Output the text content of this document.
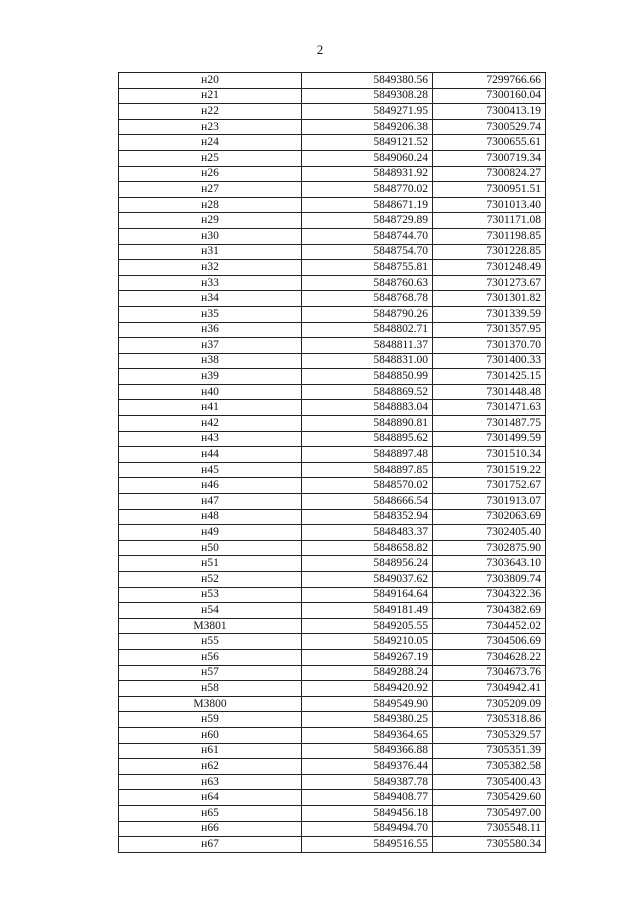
2
н20	5849380.56	7299766.66
н21	5849308.28	7300160.04
н22	5849271.95	7300413.19
н23	5849206.38	7300529.74
н24	5849121.52	7300655.61
н25	5849060.24	7300719.34
н26	5848931.92	7300824.27
н27	5848770.02	7300951.51
н28	5848671.19	7301013.40
н29	5848729.89	7301171.08
н30	5848744.70	7301198.85
н31	5848754.70	7301228.85
н32	5848755.81	7301248.49
н33	5848760.63	7301273.67
н34	5848768.78	7301301.82
н35	5848790.26	7301339.59
н36	5848802.71	7301357.95
н37	5848811.37	7301370.70
н38	5848831.00	7301400.33
н39	5848850.99	7301425.15
н40	5848869.52	7301448.48
н41	5848883.04	7301471.63
н42	5848890.81	7301487.75
н43	5848895.62	7301499.59
н44	5848897.48	7301510.34
н45	5848897.85	7301519.22
н46	5848570.02	7301752.67
н47	5848666.54	7301913.07
н48	5848352.94	7302063.69
н49	5848483.37	7302405.40
н50	5848658.82	7302875.90
н51	5848956.24	7303643.10
н52	5849037.62	7303809.74
н53	5849164.64	7304322.36
н54	5849181.49	7304382.69
МЗ801	5849205.55	7304452.02
н55	5849210.05	7304506.69
н56	5849267.19	7304628.22
н57	5849288.24	7304673.76
н58	5849420.92	7304942.41
МЗ800	5849549.90	7305209.09
н59	5849380.25	7305318.86
н60	5849364.65	7305329.57
н61	5849366.88	7305351.39
н62	5849376.44	7305382.58
н63	5849387.78	7305400.43
н64	5849408.77	7305429.60
н65	5849456.18	7305497.00
н66	5849494.70	7305548.11
н67	5849516.55	7305580.34
